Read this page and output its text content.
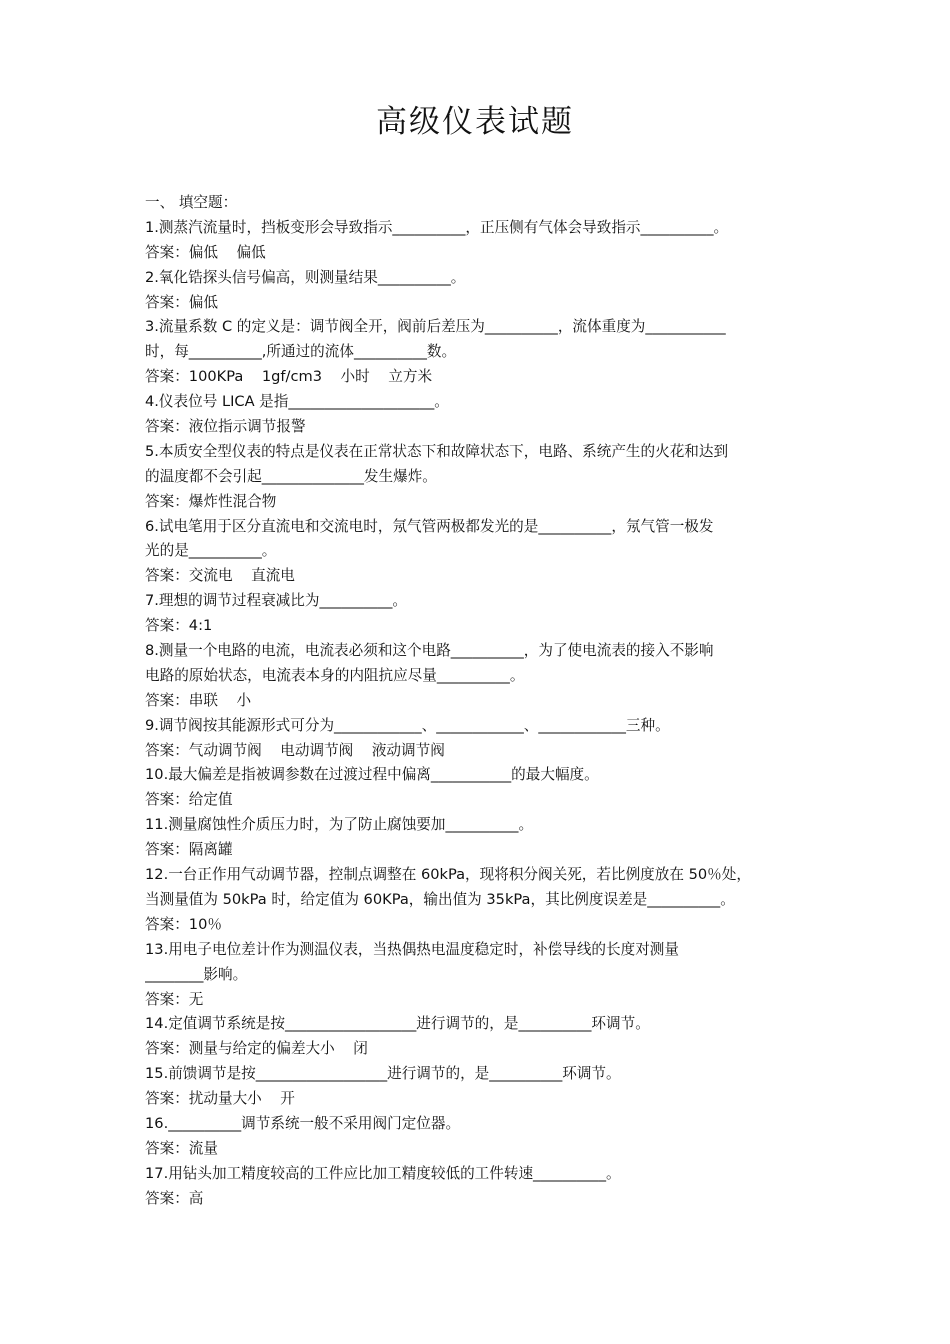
高级仪表试题
一、 填空题：
1.测蒸汽流量时，挡板变形会导致指示__________，正压侧有气体会导致指示__________。
答案：偏低    偏低
2.氧化锆探头信号偏高，则测量结果__________。
答案：偏低
3.流量系数 C 的定义是：调节阀全开，阀前后差压为__________，流体重度为___________
时，每__________,所通过的流体__________数。
答案：100KPa    1gf/cm3    小时    立方米
4.仪表位号 LICA 是指____________________。
答案：液位指示调节报警
5.本质安全型仪表的特点是仪表在正常状态下和故障状态下，电路、系统产生的火花和达到
的温度都不会引起______________发生爆炸。
答案：爆炸性混合物
6.试电笔用于区分直流电和交流电时，氖气管两极都发光的是__________，氖气管一极发
光的是__________。
答案：交流电    直流电
7.理想的调节过程衰减比为__________。
答案：4:1
8.测量一个电路的电流，电流表必须和这个电路__________，为了使电流表的接入不影响
电路的原始状态，电流表本身的内阻抗应尽量__________。
答案：串联    小
9.调节阀按其能源形式可分为____________、____________、____________三种。
答案：气动调节阀    电动调节阀    液动调节阀
10.最大偏差是指被调参数在过渡过程中偏离___________的最大幅度。
答案：给定值
11.测量腐蚀性介质压力时，为了防止腐蚀要加__________。
答案：隔离罐
12.一台正作用气动调节器，控制点调整在 60kPa，现将积分阀关死，若比例度放在 50％处，
当测量值为 50kPa 时，给定值为 60KPa，输出值为 35kPa，其比例度误差是__________。
答案：10％
13.用电子电位差计作为测温仪表，当热偶热电温度稳定时，补偿导线的长度对测量
________影响。
答案：无
14.定值调节系统是按__________________进行调节的，是__________环调节。
答案：测量与给定的偏差大小    闭
15.前馈调节是按__________________进行调节的，是__________环调节。
答案：扰动量大小    开
16.__________调节系统一般不采用阀门定位器。
答案：流量
17.用钻头加工精度较高的工件应比加工精度较低的工件转速__________。
答案：高
